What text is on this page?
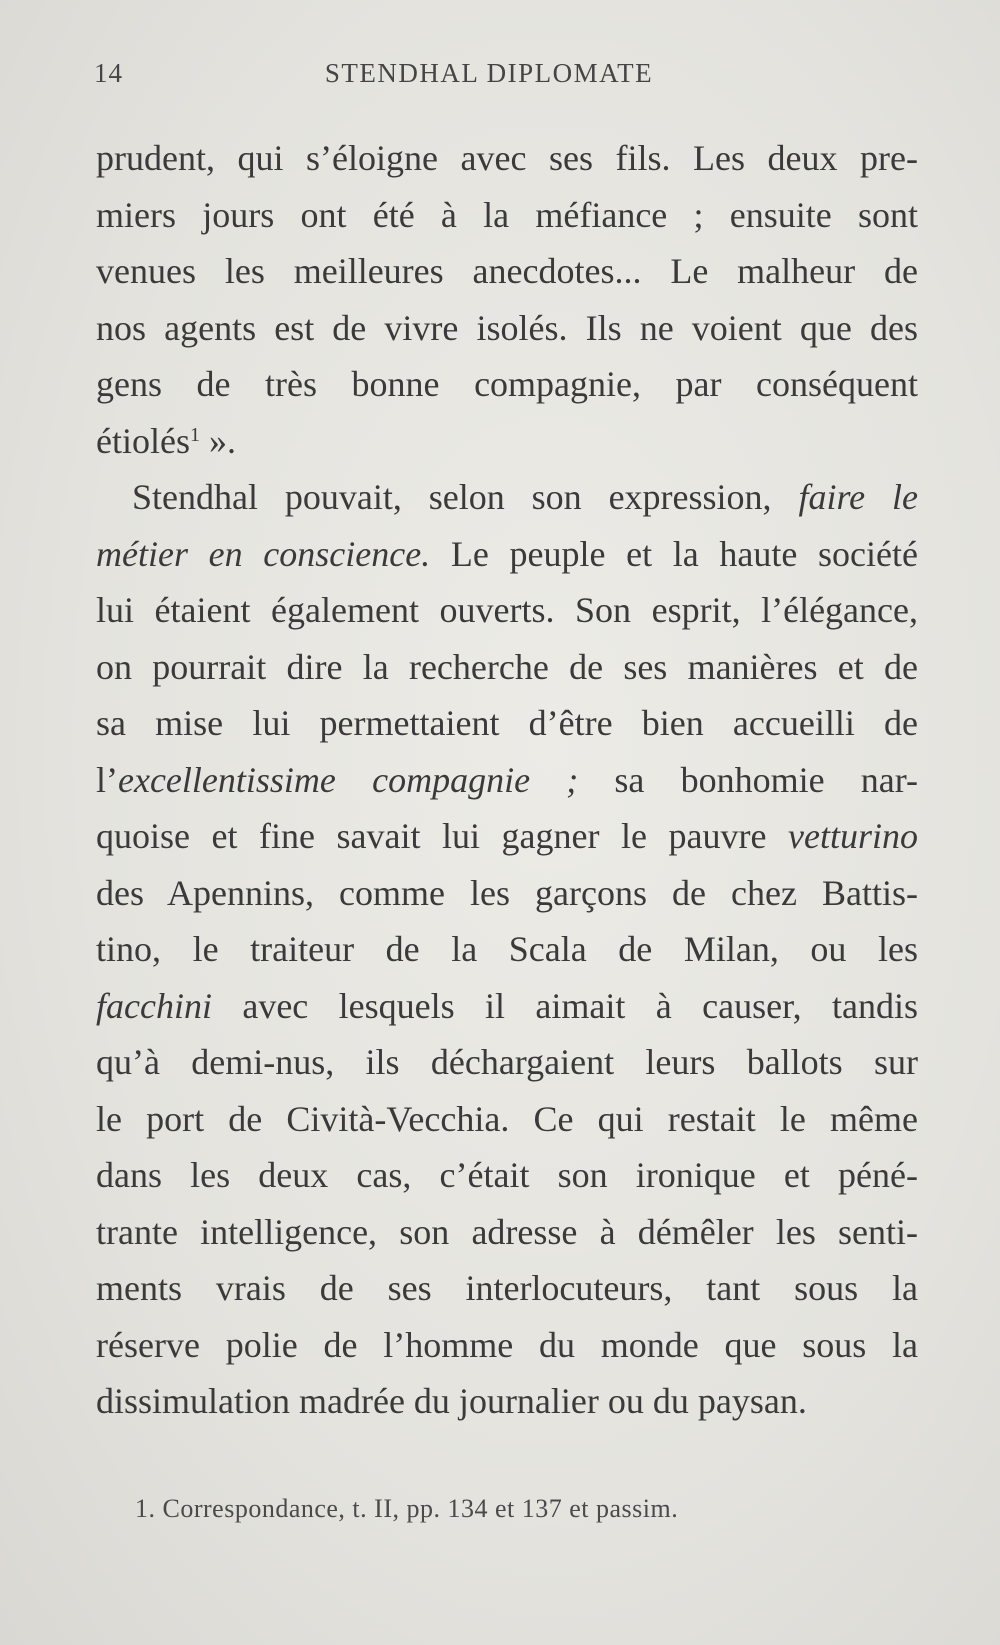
14	STENDHAL DIPLOMATE
prudent, qui s’éloigne avec ses fils. Les deux pre-
miers jours ont été à la méfiance ; ensuite sont
venues les meilleures anecdotes... Le malheur de
nos agents est de vivre isolés. Ils ne voient que des
gens de très bonne compagnie, par conséquent
étiolés$^1$ ».
Stendhal pouvait, selon son expression, faire le
métier en conscience. Le peuple et la haute société
lui étaient également ouverts. Son esprit, l’élégance,
on pourrait dire la recherche de ses manières et de
sa mise lui permettaient d’être bien accueilli de
l’excellentissime compagnie ; sa bonhomie nar-
quoise et fine savait lui gagner le pauvre vetturino
des Apennins, comme les garçons de chez Battis-
tino, le traiteur de la Scala de Milan, ou les
facchini avec lesquels il aimait à causer, tandis
qu’à demi-nus, ils déchargaient leurs ballots sur
le port de Cività-Vecchia. Ce qui restait le même
dans les deux cas, c’était son ironique et péné-
trante intelligence, son adresse à démêler les senti-
ments vrais de ses interlocuteurs, tant sous la
réserve polie de l’homme du monde que sous la
dissimulation madrée du journalier ou du paysan.
1. Correspondance, t. II, pp. 134 et 137 et passim.
